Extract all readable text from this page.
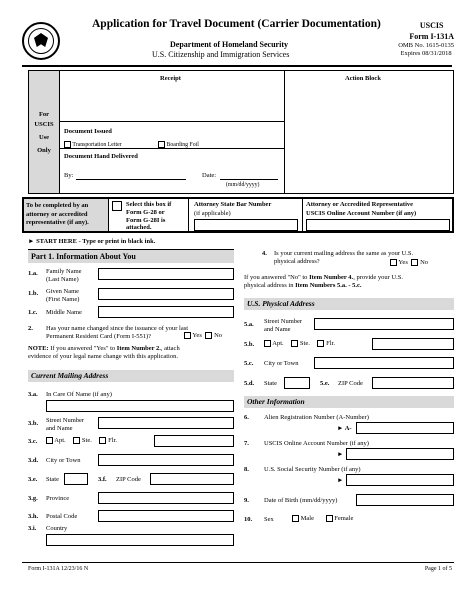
Application for Travel Document (Carrier Documentation)
Department of Homeland Security
U.S. Citizenship and Immigration Services
USCIS
Form I-131A
OMB No. 1615-0135
Expires 08/31/2018
For
USCIS
Use
Only
Receipt	Action Block
Document Issued
Transportation Letter	Boarding Foil
Document Hand Delivered
By:	Date:
(mm/dd/yyyy)
To be completed by an
attorney or accredited
representative (if any).
Select this box if
Form G-28 or
Form G-28I is
attached.
Attorney State Bar Number
(if applicable)
Attorney or Accredited Representative
USCIS Online Account Number (if any)
► START HERE - Type or print in black ink.
Part 1. Information About You
1.a. Family Name
(Last Name)
1.b. Given Name
(First Name)
1.c. Middle Name
2. Has your name changed since the issuance of your last
Permanent Resident Card (Form I-551)?	Yes No
NOTE: If you answered "Yes" to Item Number 2., attach
evidence of your legal name change with this application.
Current Mailing Address
3.a. In Care Of Name (if any)
3.b. Street Number
and Name
3.c.	Apt.	Ste.	Flr.
3.d. City or Town
3.e. State	3.f. ZIP Code
3.g. Province
3.h. Postal Code
3.i. Country
4. Is your current mailing address the same as your U.S.
physical address?	Yes No
If you answered "No" to Item Number 4., provide your U.S.
physical address in Item Numbers 5.a. - 5.c.
U.S. Physical Address
5.a. Street Number
and Name
5.b.	Apt.	Ste.	Flr.
5.c. City or Town
5.d. State	5.e. ZIP Code
Other Information
6. Alien Registration Number (A-Number)
► A-
7. USCIS Online Account Number (if any)
►
8. U.S. Social Security Number (if any)
►
9. Date of Birth (mm/dd/yyyy)
10. Sex	Male	Female
Form I-131A 12/23/16 N	Page 1 of 5
